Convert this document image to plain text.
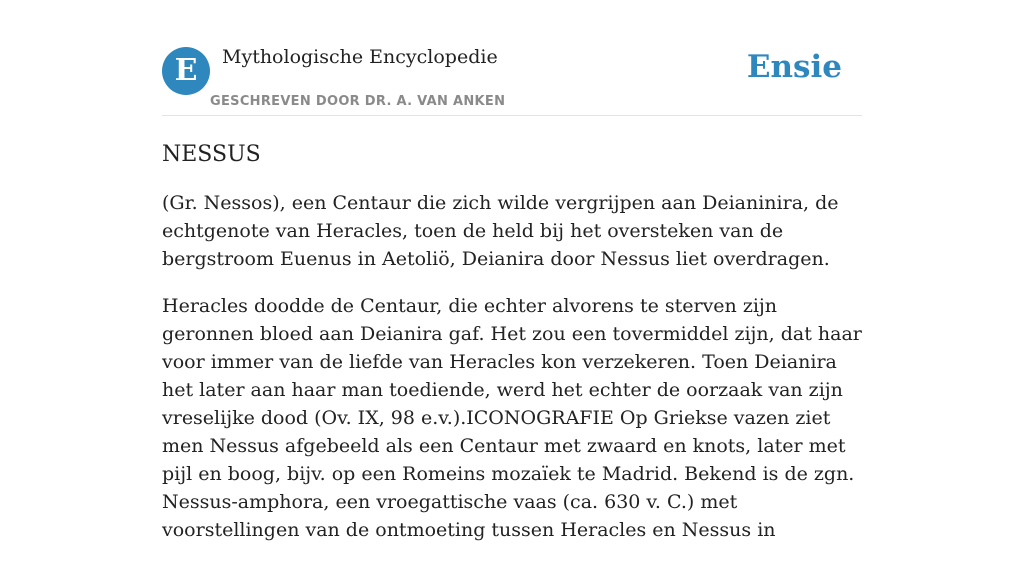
E	Mythologische Encyclopedie
GESCHREVEN DOOR DR. A. VAN ANKEN
Ensie
NESSUS

(Gr. Nessos), een Centaur die zich wilde vergrijpen aan Deianinira, de echtgenote van Heracles, toen de held bij het oversteken van de bergstroom Euenus in Aetoliö, Deianira door Nessus liet overdragen.

Heracles doodde de Centaur, die echter alvorens te sterven zijn geronnen bloed aan Deianira gaf. Het zou een tovermiddel zijn, dat haar voor immer van de liefde van Heracles kon verzekeren. Toen Deianira het later aan haar man toediende, werd het echter de oorzaak van zijn vreselijke dood (Ov. IX, 98 e.v.).ICONOGRAFIE Op Griekse vazen ziet men Nessus afgebeeld als een Centaur met zwaard en knots, later met pijl en boog, bijv. op een Romeins mozaïek te Madrid. Bekend is de zgn. Nessus-amphora, een vroegattische vaas (ca. 630 v. C.) met voorstellingen van de ontmoeting tussen Heracles en Nessus in
